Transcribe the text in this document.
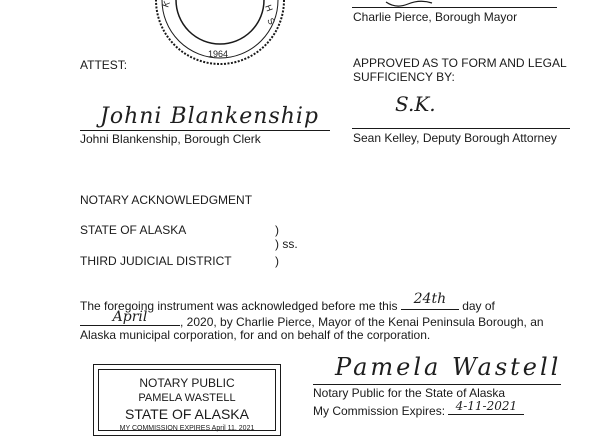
K	H
S
1964
Charlie Pierce, Borough Mayor
ATTEST:	APPROVED AS TO FORM AND LEGAL
SUFFICIENCY BY:
Johni Blankenship
Johni Blankenship, Borough Clerk
S.K.
Sean Kelley, Deputy Borough Attorney
NOTARY ACKNOWLEDGMENT
STATE OF ALASKA	)
) ss.
THIRD JUDICIAL DISTRICT	)
The foregoing instrument was acknowledged before me this	24th	day of
April	, 2020, by Charlie Pierce, Mayor of the Kenai Peninsula Borough, an
Alaska municipal corporation, for and on behalf of the corporation.
NOTARY PUBLIC
PAMELA WASTELL
STATE OF ALASKA
MY COMMISSION EXPIRES April 11, 2021
Pamela Wastell
Notary Public for the State of Alaska
My Commission Expires: 4-11-2021
